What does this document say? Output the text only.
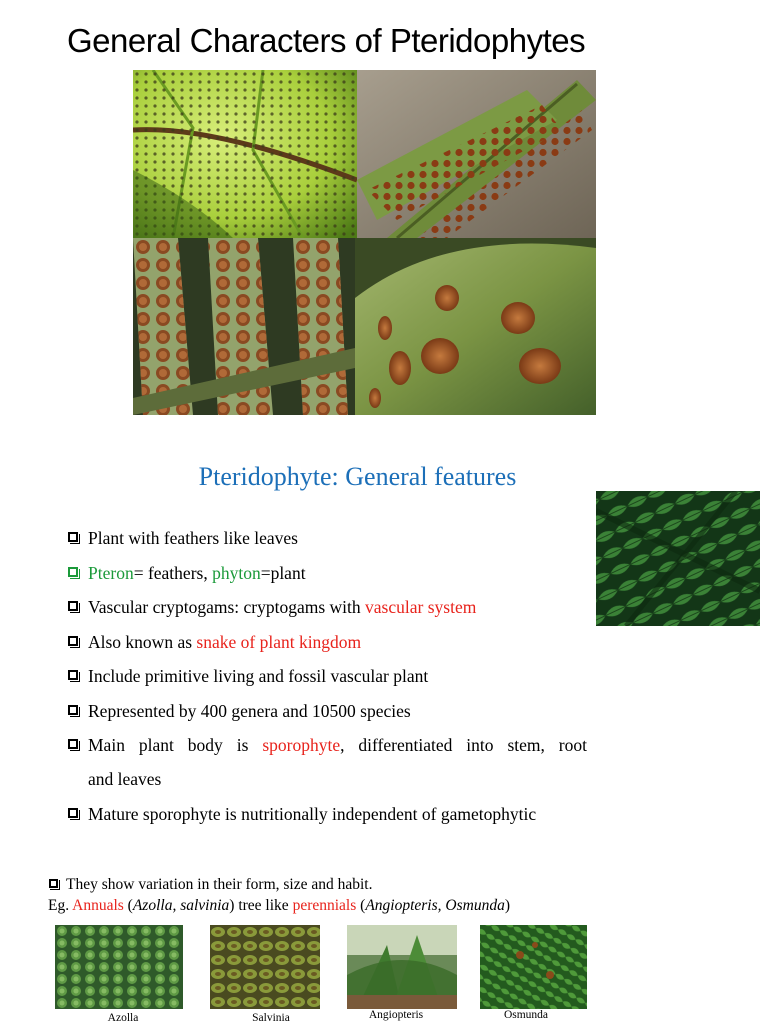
General Characters of Pteridophytes
Pteridophyte: General features
Plant with feathers like leaves
Pteron= feathers, phyton=plant
Vascular cryptogams: cryptogams with vascular system
Also known as snake of plant kingdom
Include primitive living and fossil vascular plant
Represented by 400 genera and 10500 species
Main plant body is sporophyte, differentiated into stem, root
and leaves
Mature sporophyte is nutritionally independent of gametophytic
They show variation in their form, size and habit.
Eg. Annuals (Azolla, salvinia) tree like perennials (Angiopteris, Osmunda)
Azolla	Salvinia	Angiopteris	Osmunda
